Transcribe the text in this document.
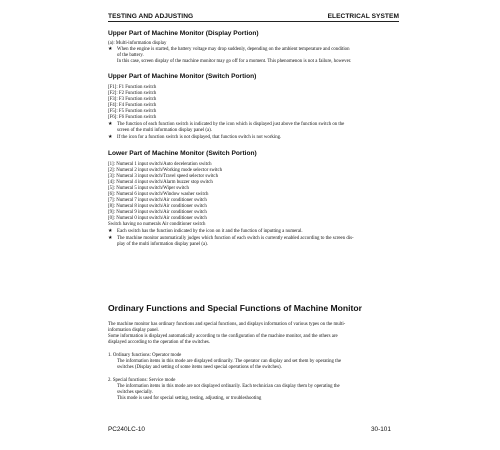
TESTING AND ADJUSTING	ELECTRICAL SYSTEM
Upper Part of Machine Monitor (Display Portion)
(a): Multi-information display
★ When the engine is started, the battery voltage may drop suddenly, depending on the ambient temperature and condition
of the battery.
In this case, screen display of the machine monitor may go off for a moment. This phenomenon is not a failure, however.
Upper Part of Machine Monitor (Switch Portion)
[F1]: F1 Function switch
[F2]: F2 Function switch
[F3]: F3 Function switch
[F4]: F4 Function switch
[F5]: F5 Function switch
[F6]: F6 Function switch
★ The function of each function switch is indicated by the icon which is displayed just above the function switch on the
screen of the multi information display panel (a).
★ If the icon for a function switch is not displayed, that function switch is not working.
Lower Part of Machine Monitor (Switch Portion)
[1]: Numeral 1 input switch/Auto deceleration switch
[2]: Numeral 2 input switch/Working mode selector switch
[3]: Numeral 3 input switch/Travel speed selector switch
[4]: Numeral 4 input switch/Alarm buzzer stop switch
[5]: Numeral 5 input switch/Wiper switch
[6]: Numeral 6 input switch/Window washer switch
[7]: Numeral 7 input switch/Air conditioner switch
[8]: Numeral 8 input switch/Air conditioner switch
[9]: Numeral 9 input switch/Air conditioner switch
[0]: Numeral 0 input switch/Air conditioner switch
Switch having no numerals Air conditioner switch
★ Each switch has the function indicated by the icon on it and the function of inputting a numeral.
★ The machine monitor automatically judges which function of each switch is currently enabled according to the screen dis-
play of the multi information display panel (a).
Ordinary Functions and Special Functions of Machine Monitor
The machine monitor has ordinary functions and special functions, and displays information of various types on the multi-
information display panel.
Some information is displayed automatically according to the configuration of the machine monitor, and the others are
displayed according to the operation of the switches.
1. Ordinary functions: Operator mode
The information items in this mode are displayed ordinarily. The operator can display and set them by operating the
switches (Display and setting of some items need special operations of the switches).
2. Special functions: Service mode
The information items in this mode are not displayed ordinarily. Each technician can display them by operating the
switches specially.
This mode is used for special setting, testing, adjusting, or troubleshooting
PC240LC-10	30-101
